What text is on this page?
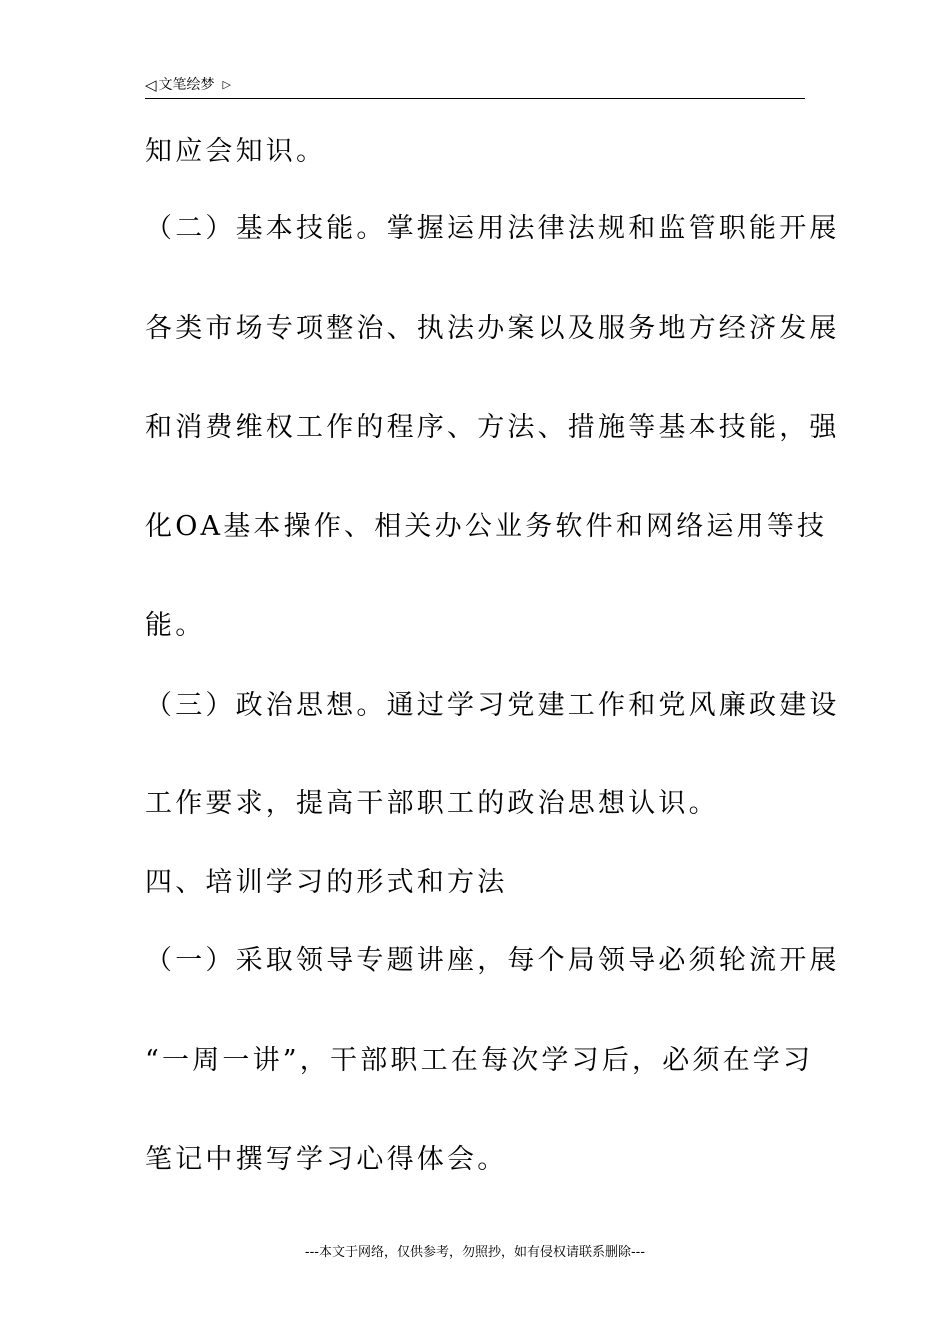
◁ 文笔绘梦 ▷
知应会知识。
（二）基本技能。掌握运用法律法规和监管职能开展
各类市场专项整治、执法办案以及服务地方经济发展
和消费维权工作的程序、方法、措施等基本技能，强
化OA基本操作、相关办公业务软件和网络运用等技
能。
（三）政治思想。通过学习党建工作和党风廉政建设
工作要求，提高干部职工的政治思想认识。
四、培训学习的形式和方法
（一）采取领导专题讲座，每个局领导必须轮流开展
“一周一讲”，干部职工在每次学习后，必须在学习
笔记中撰写学习心得体会。
---本文于网络，仅供参考，勿照抄，如有侵权请联系删除---
